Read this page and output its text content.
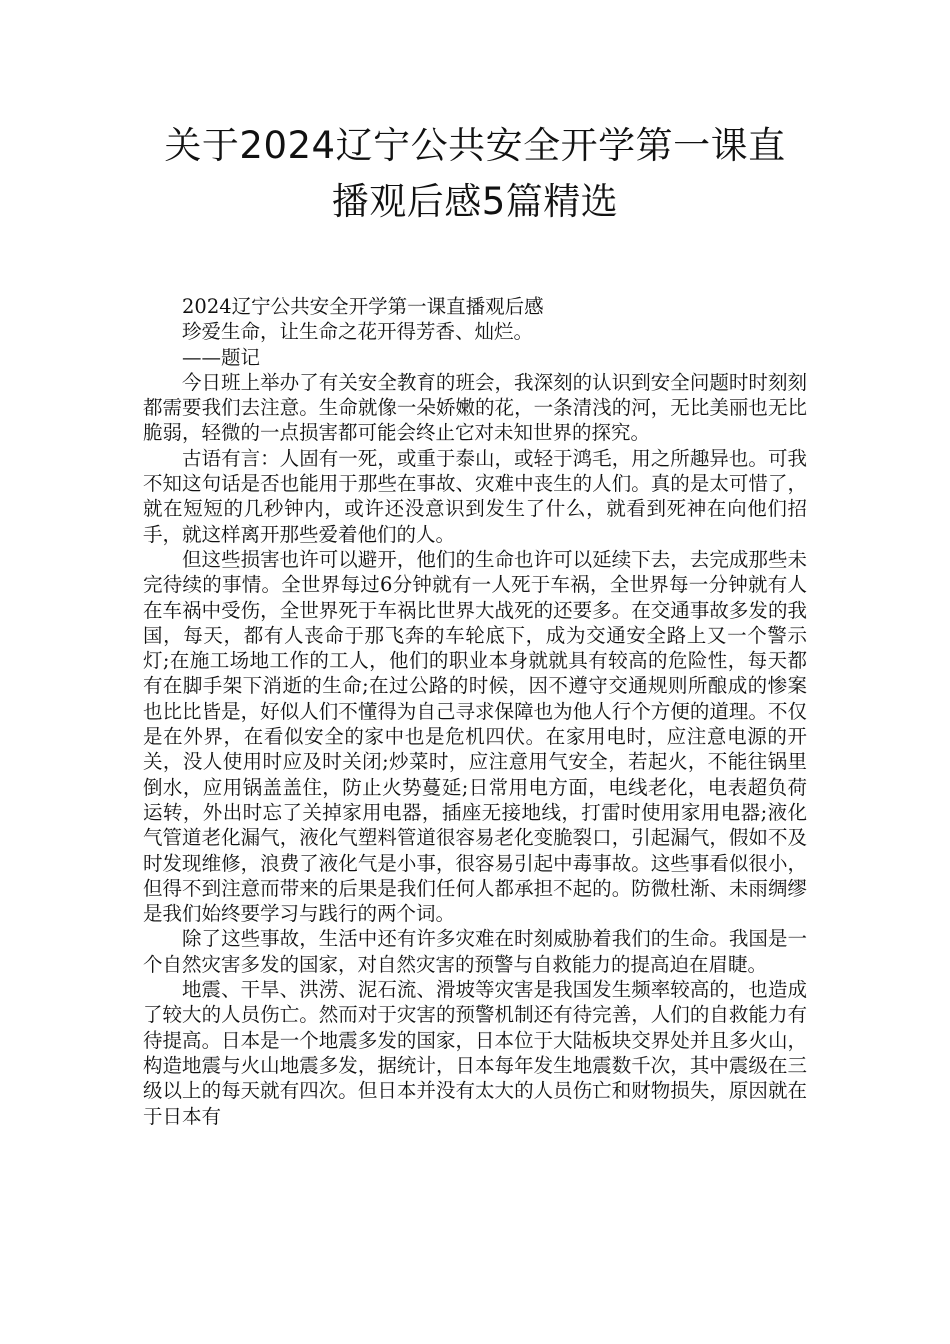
关于2024辽宁公共安全开学第一课直
播观后感5篇精选

2024辽宁公共安全开学第一课直播观后感

珍爱生命，让生命之花开得芳香、灿烂。

——题记

今日班上举办了有关安全教育的班会，我深刻的认识到安全问题时时刻刻都需要我们去注意。生命就像一朵娇嫩的花，一条清浅的河，无比美丽也无比脆弱，轻微的一点损害都可能会终止它对未知世界的探究。

古语有言：人固有一死，或重于泰山，或轻于鸿毛，用之所趣异也。可我不知这句话是否也能用于那些在事故、灾难中丧生的人们。真的是太可惜了，就在短短的几秒钟内，或许还没意识到发生了什么，就看到死神在向他们招手，就这样离开那些爱着他们的人。

但这些损害也许可以避开，他们的生命也许可以延续下去，去完成那些未完待续的事情。全世界每过6分钟就有一人死于车祸，全世界每一分钟就有人在车祸中受伤，全世界死于车祸比世界大战死的还要多。在交通事故多发的我国，每天，都有人丧命于那飞奔的车轮底下，成为交通安全路上又一个警示灯;在施工场地工作的工人，他们的职业本身就就具有较高的危险性，每天都有在脚手架下消逝的生命;在过公路的时候，因不遵守交通规则所酿成的惨案也比比皆是，好似人们不懂得为自己寻求保障也为他人行个方便的道理。不仅是在外界，在看似安全的家中也是危机四伏。在家用电时，应注意电源的开关，没人使用时应及时关闭;炒菜时，应注意用气安全，若起火，不能往锅里倒水，应用锅盖盖住，防止火势蔓延;日常用电方面，电线老化，电表超负荷运转，外出时忘了关掉家用电器，插座无接地线，打雷时使用家用电器;液化气管道老化漏气，液化气塑料管道很容易老化变脆裂口，引起漏气，假如不及时发现维修，浪费了液化气是小事，很容易引起中毒事故。这些事看似很小，但得不到注意而带来的后果是我们任何人都承担不起的。防微杜渐、未雨绸缪是我们始终要学习与践行的两个词。

除了这些事故，生活中还有许多灾难在时刻威胁着我们的生命。我国是一个自然灾害多发的国家，对自然灾害的预警与自救能力的提高迫在眉睫。

地震、干旱、洪涝、泥石流、滑坡等灾害是我国发生频率较高的，也造成了较大的人员伤亡。然而对于灾害的预警机制还有待完善，人们的自救能力有待提高。日本是一个地震多发的国家，日本位于大陆板块交界处并且多火山，构造地震与火山地震多发，据统计，日本每年发生地震数千次，其中震级在三级以上的每天就有四次。但日本并没有太大的人员伤亡和财物损失，原因就在于日本有
